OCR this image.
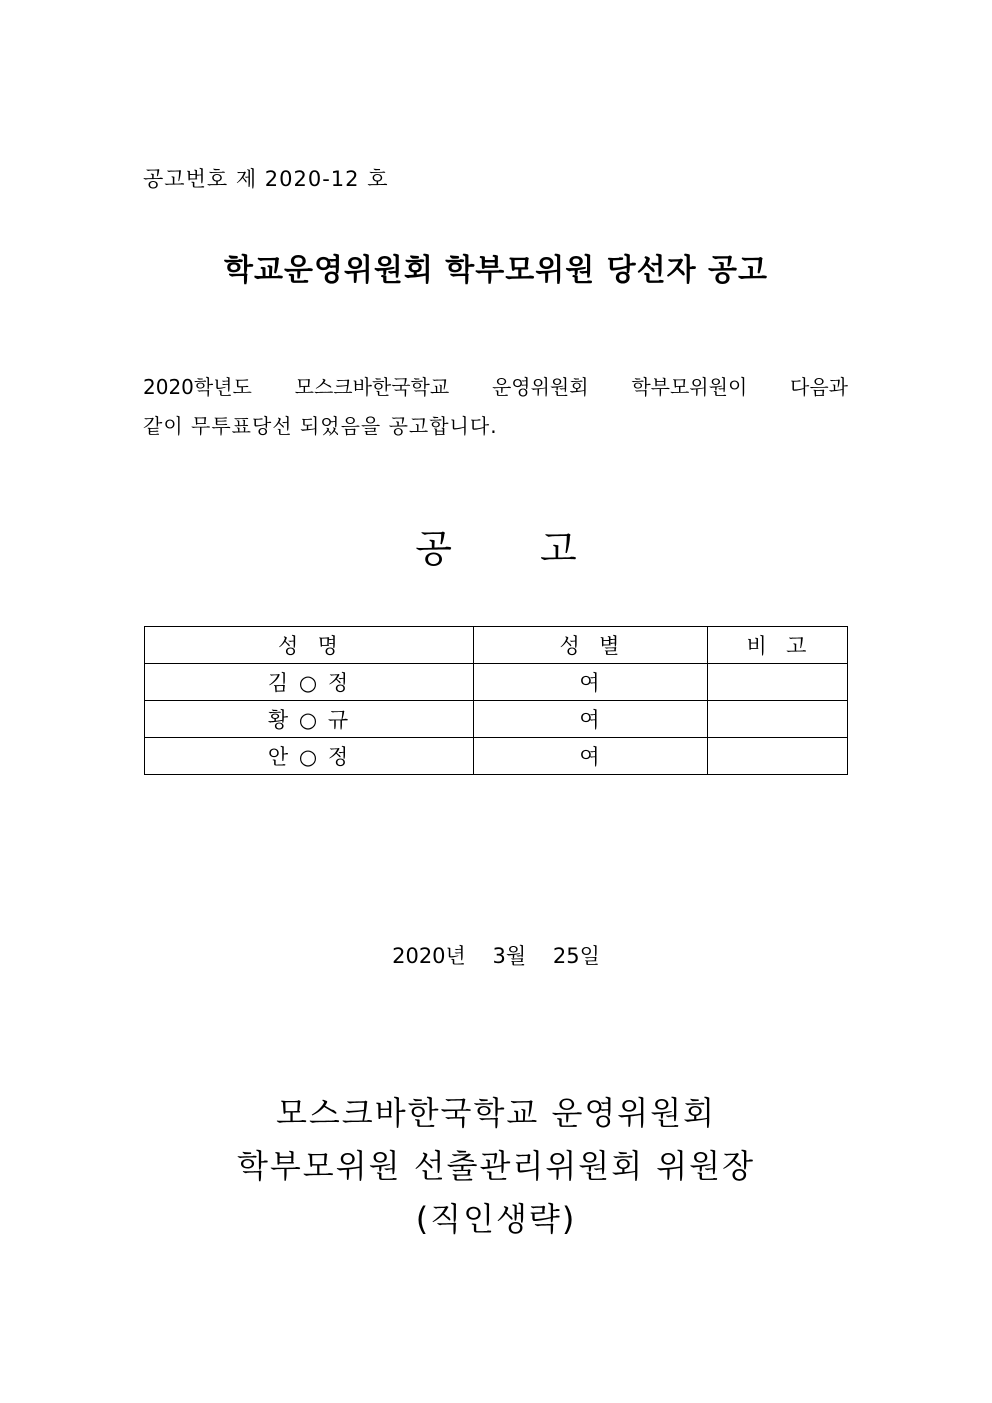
공고번호 제 2020-12 호
학교운영위원회 학부모위원 당선자 공고
2020학년도 모스크바한국학교 운영위원회 학부모위원이 다음과
같이 무투표당선 되었음을 공고합니다.
공 고
성  명	성  별	비  고
김 ○ 정	여	
황 ○ 규	여	
안 ○ 정	여	
2020년    3월    25일
모스크바한국학교 운영위원회
학부모위원 선출관리위원회 위원장
(직인생략)
